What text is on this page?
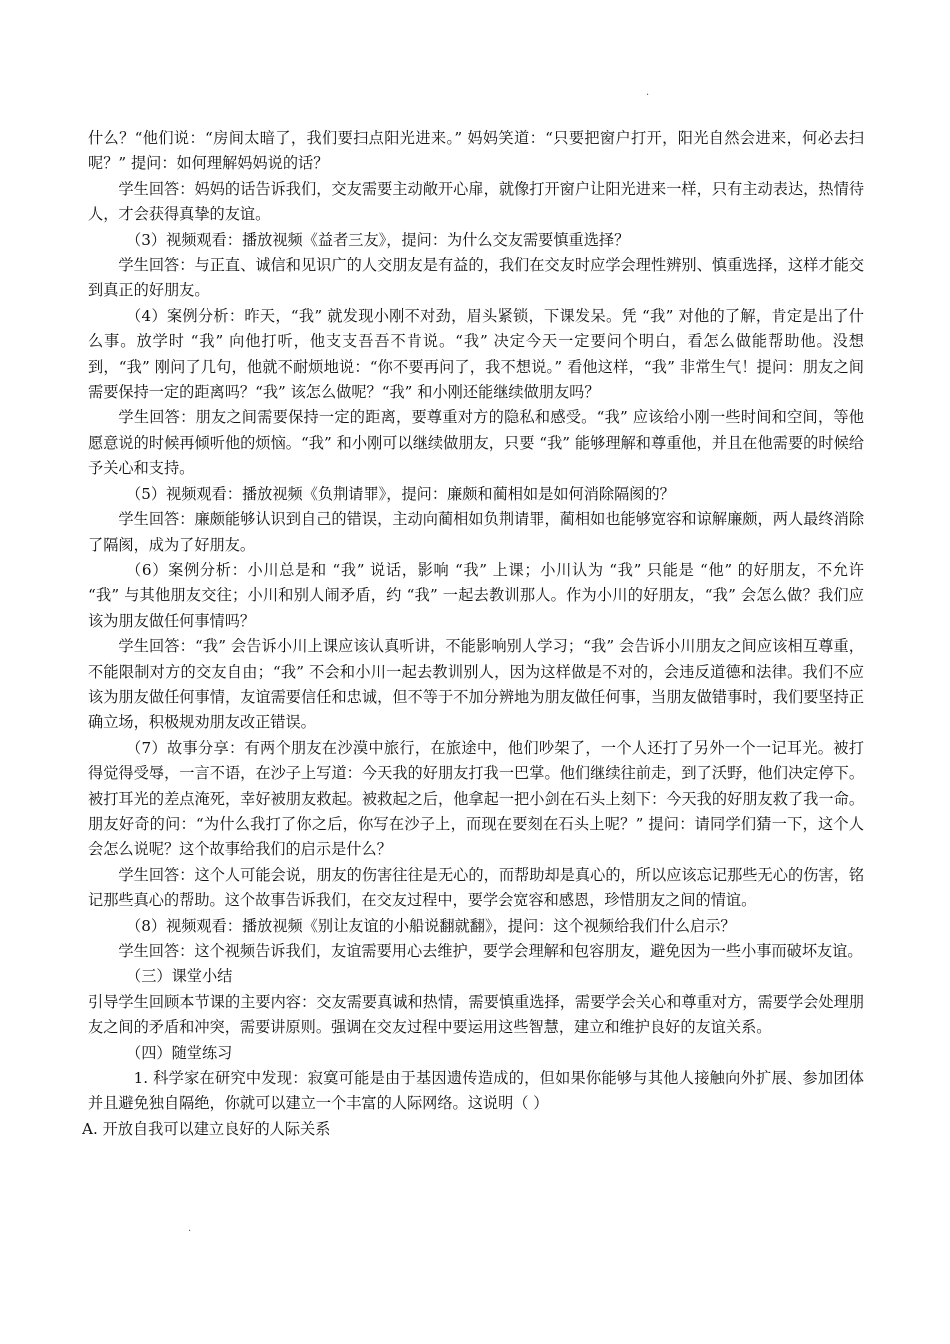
·

什么？“他们说：“房间太暗了，我们要扫点阳光进来。” 妈妈笑道：“只要把窗户打开，阳光自然会进来，何必去扫呢？” 提问：如何理解妈妈说的话？

学生回答：妈妈的话告诉我们，交友需要主动敞开心扉，就像打开窗户让阳光进来一样，只有主动表达，热情待人，才会获得真挚的友谊。

（3）视频观看：播放视频《益者三友》，提问：为什么交友需要慎重选择？

学生回答：与正直、诚信和见识广的人交朋友是有益的，我们在交友时应学会理性辨别、慎重选择，这样才能交到真正的好朋友。

（4）案例分析：昨天，“我” 就发现小刚不对劲，眉头紧锁，下课发呆。凭 “我” 对他的了解，肯定是出了什么事。放学时 “我” 向他打听，他支支吾吾不肯说。“我” 决定今天一定要问个明白，看怎么做能帮助他。没想到，“我” 刚问了几句，他就不耐烦地说：“你不要再问了，我不想说。” 看他这样，“我” 非常生气！提问：朋友之间需要保持一定的距离吗？“我” 该怎么做呢？“我” 和小刚还能继续做朋友吗？

学生回答：朋友之间需要保持一定的距离，要尊重对方的隐私和感受。“我” 应该给小刚一些时间和空间，等他愿意说的时候再倾听他的烦恼。“我” 和小刚可以继续做朋友，只要 “我” 能够理解和尊重他，并且在他需要的时候给予关心和支持。

（5）视频观看：播放视频《负荆请罪》，提问：廉颇和蔺相如是如何消除隔阂的？

学生回答：廉颇能够认识到自己的错误，主动向蔺相如负荆请罪，蔺相如也能够宽容和谅解廉颇，两人最终消除了隔阂，成为了好朋友。

（6）案例分析：小川总是和 “我” 说话，影响 “我” 上课；小川认为 “我” 只能是 “他” 的好朋友，不允许 “我” 与其他朋友交往；小川和别人闹矛盾，约 “我” 一起去教训那人。作为小川的好朋友，“我” 会怎么做？我们应该为朋友做任何事情吗？

学生回答：“我” 会告诉小川上课应该认真听讲，不能影响别人学习；“我” 会告诉小川朋友之间应该相互尊重，不能限制对方的交友自由；“我” 不会和小川一起去教训别人，因为这样做是不对的，会违反道德和法律。我们不应该为朋友做任何事情，友谊需要信任和忠诚，但不等于不加分辨地为朋友做任何事，当朋友做错事时，我们要坚持正确立场，积极规劝朋友改正错误。

（7）故事分享：有两个朋友在沙漠中旅行，在旅途中，他们吵架了，一个人还打了另外一个一记耳光。被打得觉得受辱，一言不语，在沙子上写道：今天我的好朋友打我一巴掌。他们继续往前走，到了沃野，他们决定停下。被打耳光的差点淹死，幸好被朋友救起。被救起之后，他拿起一把小剑在石头上刻下：今天我的好朋友救了我一命。朋友好奇的问：“为什么我打了你之后，你写在沙子上，而现在要刻在石头上呢？” 提问：请同学们猜一下，这个人会怎么说呢？这个故事给我们的启示是什么？

学生回答：这个人可能会说，朋友的伤害往往是无心的，而帮助却是真心的，所以应该忘记那些无心的伤害，铭记那些真心的帮助。这个故事告诉我们，在交友过程中，要学会宽容和感恩，珍惜朋友之间的情谊。

（8）视频观看：播放视频《别让友谊的小船说翻就翻》，提问：这个视频给我们什么启示？

学生回答：这个视频告诉我们，友谊需要用心去维护，要学会理解和包容朋友，避免因为一些小事而破坏友谊。

（三）课堂小结

引导学生回顾本节课的主要内容：交友需要真诚和热情，需要慎重选择，需要学会关心和尊重对方，需要学会处理朋友之间的矛盾和冲突，需要讲原则。强调在交友过程中要运用这些智慧，建立和维护良好的友谊关系。

（四）随堂练习

1. 科学家在研究中发现：寂寞可能是由于基因遗传造成的，但如果你能够与其他人接触向外扩展、参加团体并且避免独自隔绝，你就可以建立一个丰富的人际网络。这说明（ ）

A. 开放自我可以建立良好的人际关系

·
